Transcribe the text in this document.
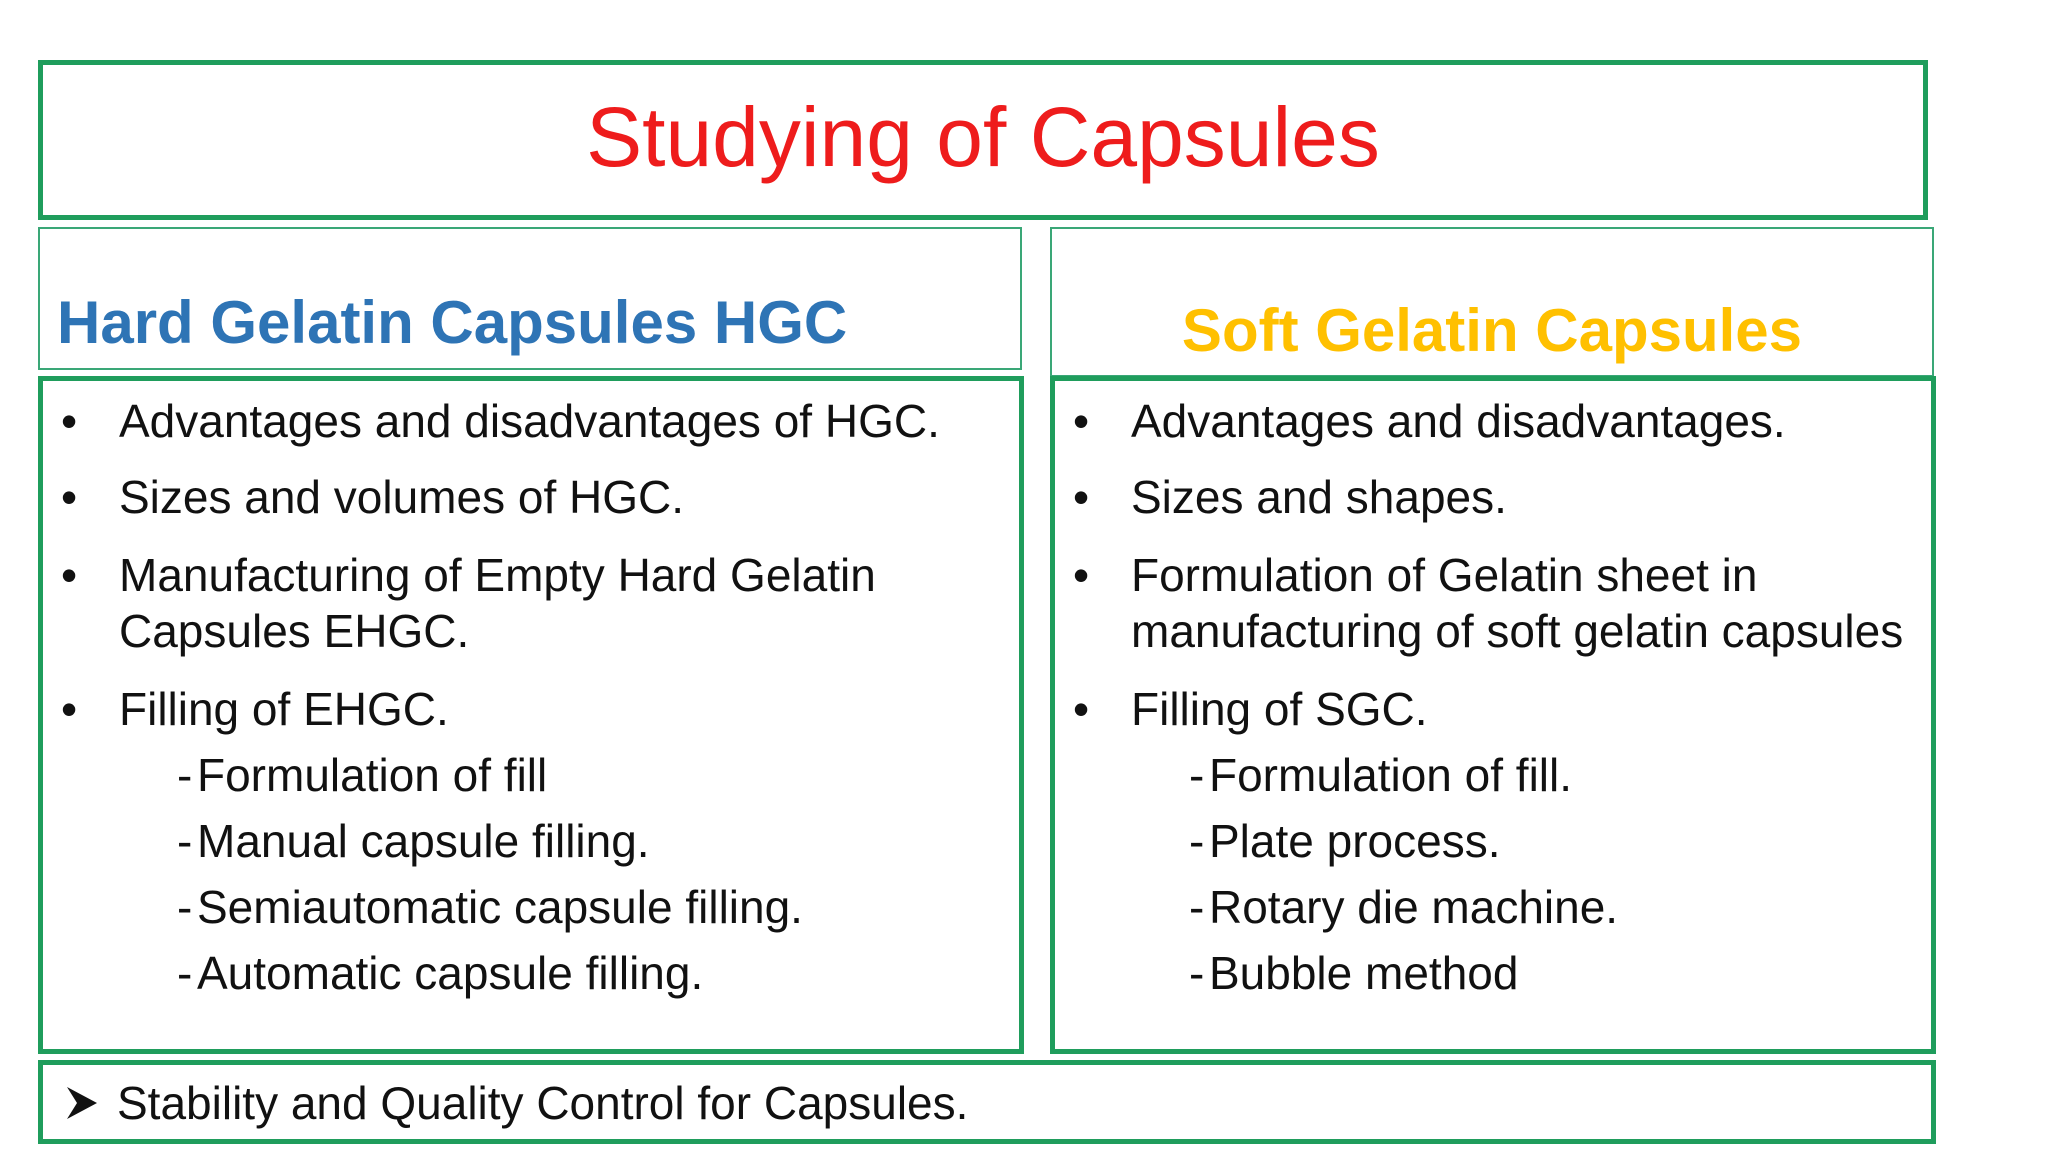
Studying of Capsules
Hard Gelatin Capsules HGC	Soft Gelatin Capsules
• Advantages and disadvantages of HGC.
• Sizes and volumes of HGC.
• Manufacturing of Empty Hard Gelatin
Capsules EHGC.
• Filling of EHGC.
- Formulation of fill
- Manual capsule filling.
- Semiautomatic capsule filling.
- Automatic capsule filling.
• Advantages and disadvantages.
• Sizes and shapes.
• Formulation of Gelatin sheet in
manufacturing of soft gelatin capsules
• Filling of SGC.
- Formulation of fill.
- Plate process.
- Rotary die machine.
- Bubble method
Stability and Quality Control for Capsules.
